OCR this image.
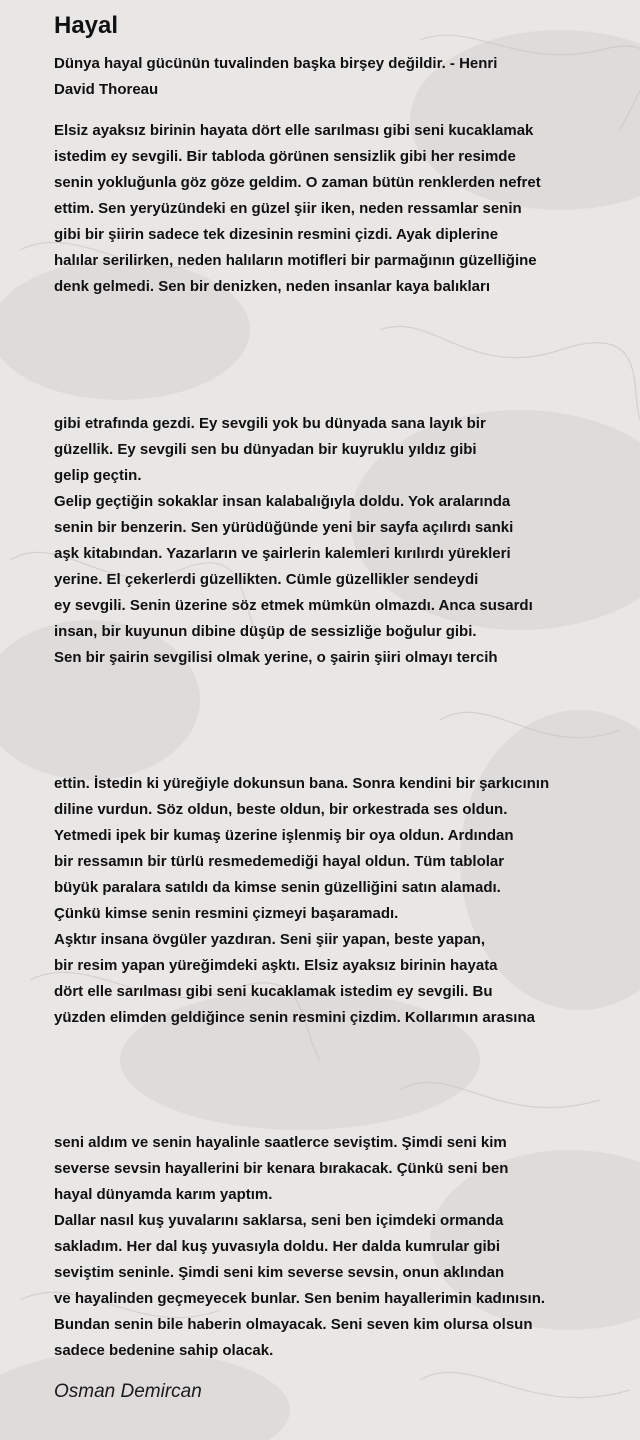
Hayal
Dünya hayal gücünün tuvalinden başka birşey değildir. - Henri
David Thoreau
Elsiz ayaksız birinin hayata dört elle sarılması gibi seni kucaklamak
istedim ey sevgili. Bir tabloda görünen sensizlik gibi her resimde
senin yokluğunla göz göze geldim. O zaman bütün renklerden nefret
ettim. Sen yeryüzündeki en güzel şiir iken, neden ressamlar senin
gibi bir şiirin sadece tek dizesinin resmini çizdi. Ayak diplerine
halılar serilirken, neden halıların motifleri bir parmağının güzelliğine
denk gelmedi. Sen bir denizken, neden insanlar kaya balıkları
gibi etrafında gezdi. Ey sevgili yok bu dünyada sana layık bir
güzellik. Ey sevgili sen bu dünyadan bir kuyruklu yıldız gibi
gelip geçtin.
Gelip geçtiğin sokaklar insan kalabalığıyla doldu. Yok aralarında
senin bir benzerin. Sen yürüdüğünde yeni bir sayfa açılırdı sanki
aşk kitabından. Yazarların ve şairlerin kalemleri kırılırdı yürekleri
yerine. El çekerlerdi güzellikten. Cümle güzellikler sendeydi
ey sevgili. Senin üzerine söz etmek mümkün olmazdı. Anca susardı
insan, bir kuyunun dibine düşüp de sessizliğe boğulur gibi.
Sen bir şairin sevgilisi olmak yerine, o şairin şiiri olmayı tercih
ettin. İstedin ki yüreğiyle dokunsun bana. Sonra kendini bir şarkıcının
diline vurdun. Söz oldun, beste oldun, bir orkestrada ses oldun.
Yetmedi ipek bir kumaş üzerine işlenmiş bir oya oldun. Ardından
bir ressamın bir türlü resmedemediği hayal oldun. Tüm tablolar
büyük paralara satıldı da kimse senin güzelliğini satın alamadı.
Çünkü kimse senin resmini çizmeyi başaramadı.
Aşktır insana övgüler yazdıran. Seni şiir yapan, beste yapan,
bir resim yapan yüreğimdeki aşktı. Elsiz ayaksız birinin hayata
dört elle sarılması gibi seni kucaklamak istedim ey sevgili. Bu
yüzden elimden geldiğince senin resmini çizdim. Kollarımın arasına
seni aldım ve senin hayalinle saatlerce seviştim. Şimdi seni kim
severse sevsin hayallerini bir kenara bırakacak. Çünkü seni ben
hayal dünyamda karım yaptım.
Dallar nasıl kuş yuvalarını saklarsa, seni ben içimdeki ormanda
sakladım. Her dal kuş yuvasıyla doldu. Her dalda kumrular gibi
seviştim seninle. Şimdi seni kim severse sevsin, onun aklından
ve hayalinden geçmeyecek bunlar. Sen benim hayallerimin kadınısın.
Bundan senin bile haberin olmayacak. Seni seven kim olursa olsun
sadece bedenine sahip olacak.
Osman Demircan
